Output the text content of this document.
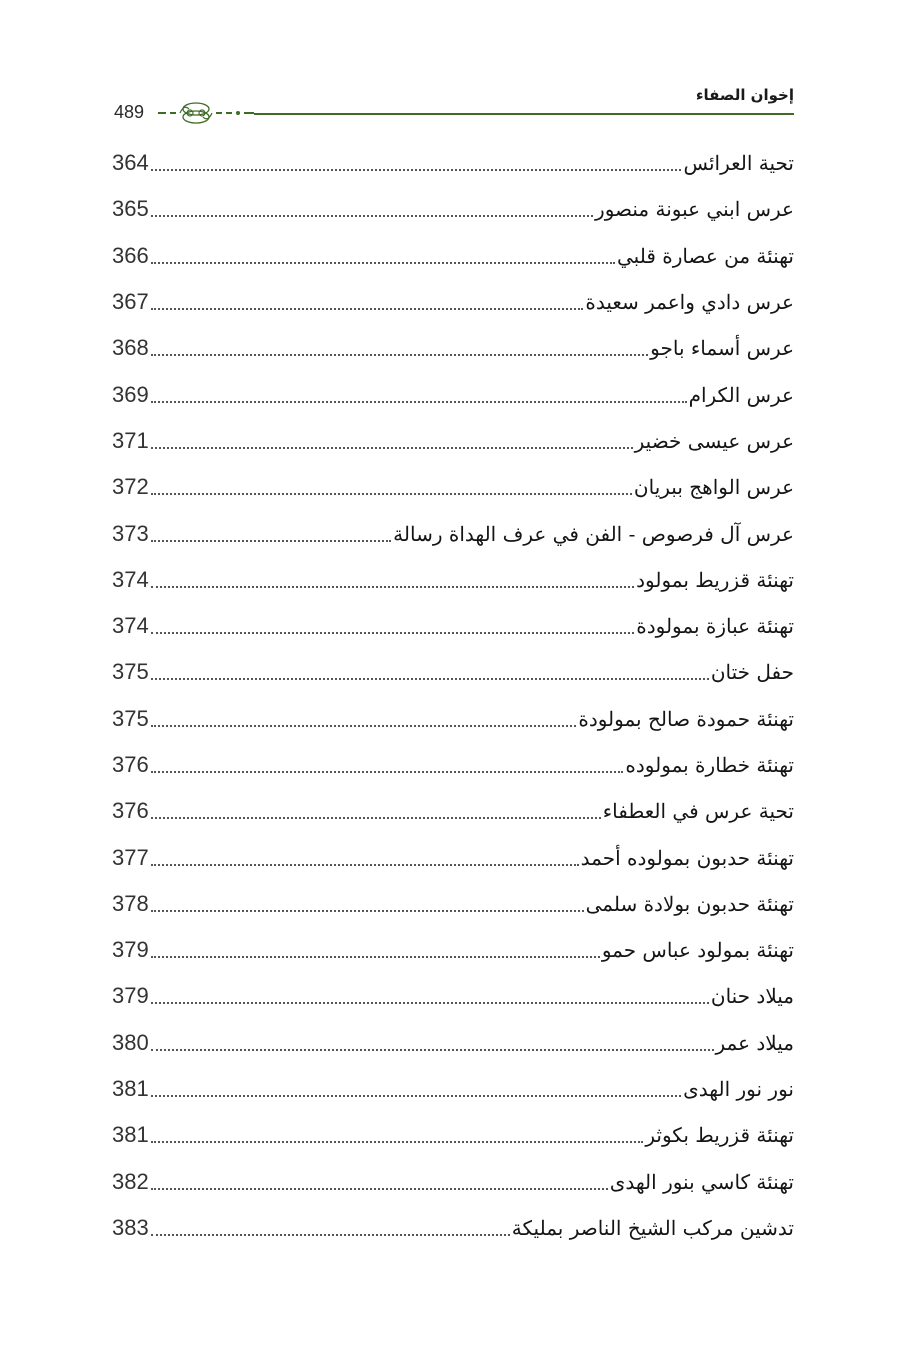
إخوان الصفاء
489
364	تحية العرائس
365	عرس ابني عبونة منصور
366	تهنئة من عصارة قلبي
367	عرس دادي واعمر سعيدة
368	عرس أسماء باجو
369	عرس الكرام
371	عرس عيسى خضير
372	عرس الواهج ببريان
373	عرس آل فرصوص - الفن في عرف الهداة رسالة
374	تهنئة قزريط بمولود
374	تهنئة عبازة بمولودة
375	حفل ختان
375	تهنئة حمودة صالح بمولودة
376	تهنئة خطارة بمولوده
376	تحية عرس في العطفاء
377	تهنئة حدبون بمولوده أحمد
378	تهنئة حدبون بولادة سلمى
379	تهنئة بمولود عباس حمو
379	ميلاد حنان
380	ميلاد عمر
381	نور نور الهدى
381	تهنئة قزريط بكوثر
382	تهنئة كاسي بنور الهدى
383	تدشين مركب الشيخ الناصر بمليكة
